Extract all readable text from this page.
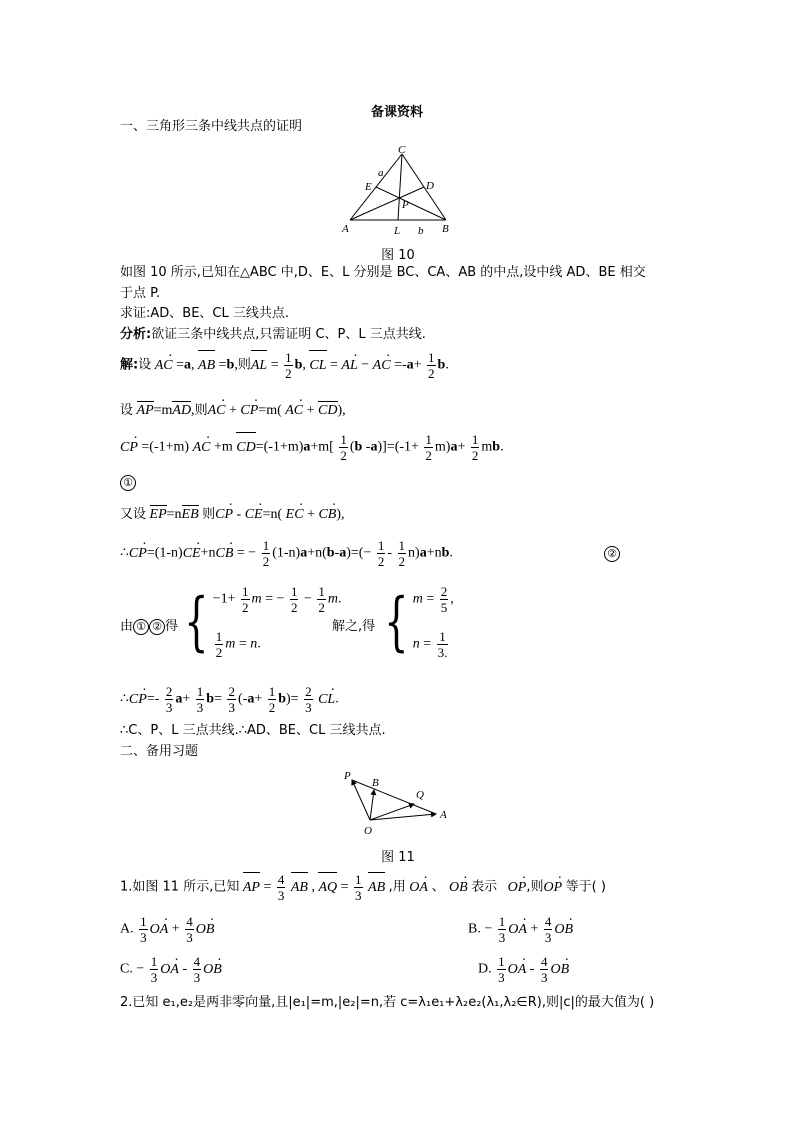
备课资料
一、三角形三条中线共点的证明
A	B
C
D
E
L
P
a
b
图 10
如图 10 所示,已知在△ABC 中,D、E、L 分别是 BC、CA、AB 的中点,设中线 AD、BE 相交
于点 P.
求证:AD、BE、CL 三线共点.
分析:欲证三条中线共点,只需证明 C、P、L 三点共线.
解:设 AC · =a, AB =b,则AL = $\frac{1}{2} b$, CL = AL · − AC · $=-a+ \frac{1}{2} b$.
设 AP=mAD,则AC · + CP ·=m( AC · + CD),
CP · =(-1+m) AC · +m $CD=(-1+m)a+m[ \frac{1}{2} (b$ $-a)]=(-1+ \frac{1}{2} m)a+ \frac{1}{2}$ mb.
①
又设 EP=nEB 则CP · - CE ·=n( EC · + CB ·),
∴CP ·=(1-n)CE ·+nCB · = − $\frac{1}{2} (1-n)a+n(b-a)=(- \frac{1}{2} - \frac{1}{2} n)a+nb$.	②
由 ① ② 得 { $-1+ \frac{1}{2}$ m = − $\frac{1}{2} - \frac{1}{2} m$.
$\frac{1}{2}$ m = n.
解之,得 { $m = \frac{2}{5}$ ,
$n = \frac{1}{3.}$
∴CP ·=- $\frac{2}{3} a+ \frac{1}{3} b= \frac{2}{3} (-a+ \frac{1}{2} b)= \frac{2}{3}$ CL ·.
∴C、P、L 三点共线.∴AD、BE、CL 三线共点.
二、备用习题
P
B
Q
A
O
图 11
1.如图 11 所示,已知 AP = $\frac{4}{3}$ AB , AQ = $\frac{1}{3}$ AB ,用 OA · 、 OB · 表示 OP ·,则OP · 等于( )
A. $\frac{1}{3}$ OA · + $\frac{4}{3}$ OB ·	B. − $\frac{1}{3}$ OA · + $\frac{4}{3}$ OB ·
C. − $\frac{1}{3}$ OA · - $\frac{4}{3}$ OB ·	D. $\frac{1}{3}$ OA · - $\frac{4}{3}$ OB ·
2.已知 e₁,e₂是两非零向量,且|e₁|=m,|e₂|=n,若 c=λ₁e₁+λ₂e₂(λ₁,λ₂∈R),则|c|的最大值为( )
